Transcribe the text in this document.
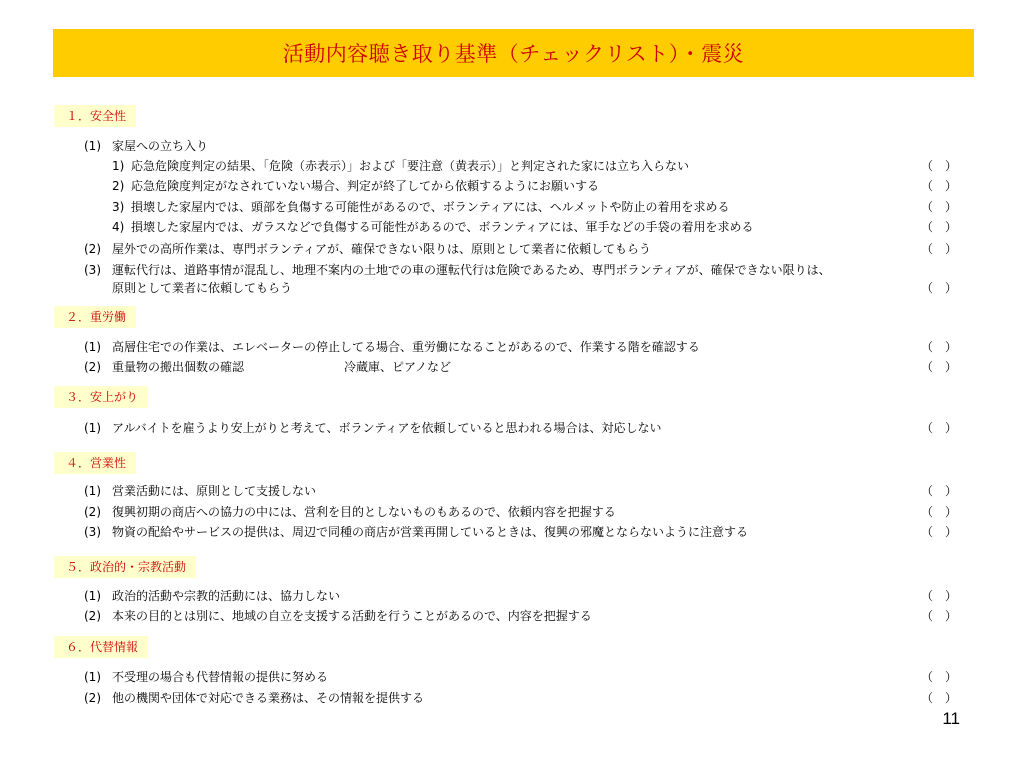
活動内容聴き取り基準（チェックリスト）・震災
１．安全性
(1) 家屋への立ち入り
1) 応急危険度判定の結果、「危険（赤表示）」および「要注意（黄表示）」と判定された家には立ち入らない	（　）
2) 応急危険度判定がなされていない場合、判定が終了してから依頼するようにお願いする	（　）
3) 損壊した家屋内では、頭部を負傷する可能性があるので、ボランティアには、ヘルメットや防止の着用を求める	（　）
4) 損壊した家屋内では、ガラスなどで負傷する可能性があるので、ボランティアには、軍手などの手袋の着用を求める	（　）
(2) 屋外での高所作業は、専門ボランティアが、確保できない限りは、原則として業者に依頼してもらう	（　）
(3) 運転代行は、道路事情が混乱し、地理不案内の土地での車の運転代行は危険であるため、専門ボランティアが、確保できない限りは、
原則として業者に依頼してもらう	（　）
２．重労働
(1) 高層住宅での作業は、エレベーターの停止してる場合、重労働になることがあるので、作業する階を確認する	（　）
(2) 重量物の搬出個数の確認	冷蔵庫、ピアノなど	（　）
３．安上がり
(1) アルバイトを雇うより安上がりと考えて、ボランティアを依頼していると思われる場合は、対応しない	（　）
４．営業性
(1) 営業活動には、原則として支援しない	（　）
(2) 復興初期の商店への協力の中には、営利を目的としないものもあるので、依頼内容を把握する	（　）
(3) 物資の配給やサービスの提供は、周辺で同種の商店が営業再開しているときは、復興の邪魔とならないように注意する	（　）
５．政治的・宗教活動
(1) 政治的活動や宗教的活動には、協力しない	（　）
(2) 本来の目的とは別に、地域の自立を支援する活動を行うことがあるので、内容を把握する	（　）
６．代替情報
(1) 不受理の場合も代替情報の提供に努める	（　）
(2) 他の機関や団体で対応できる業務は、その情報を提供する	（　）
11
